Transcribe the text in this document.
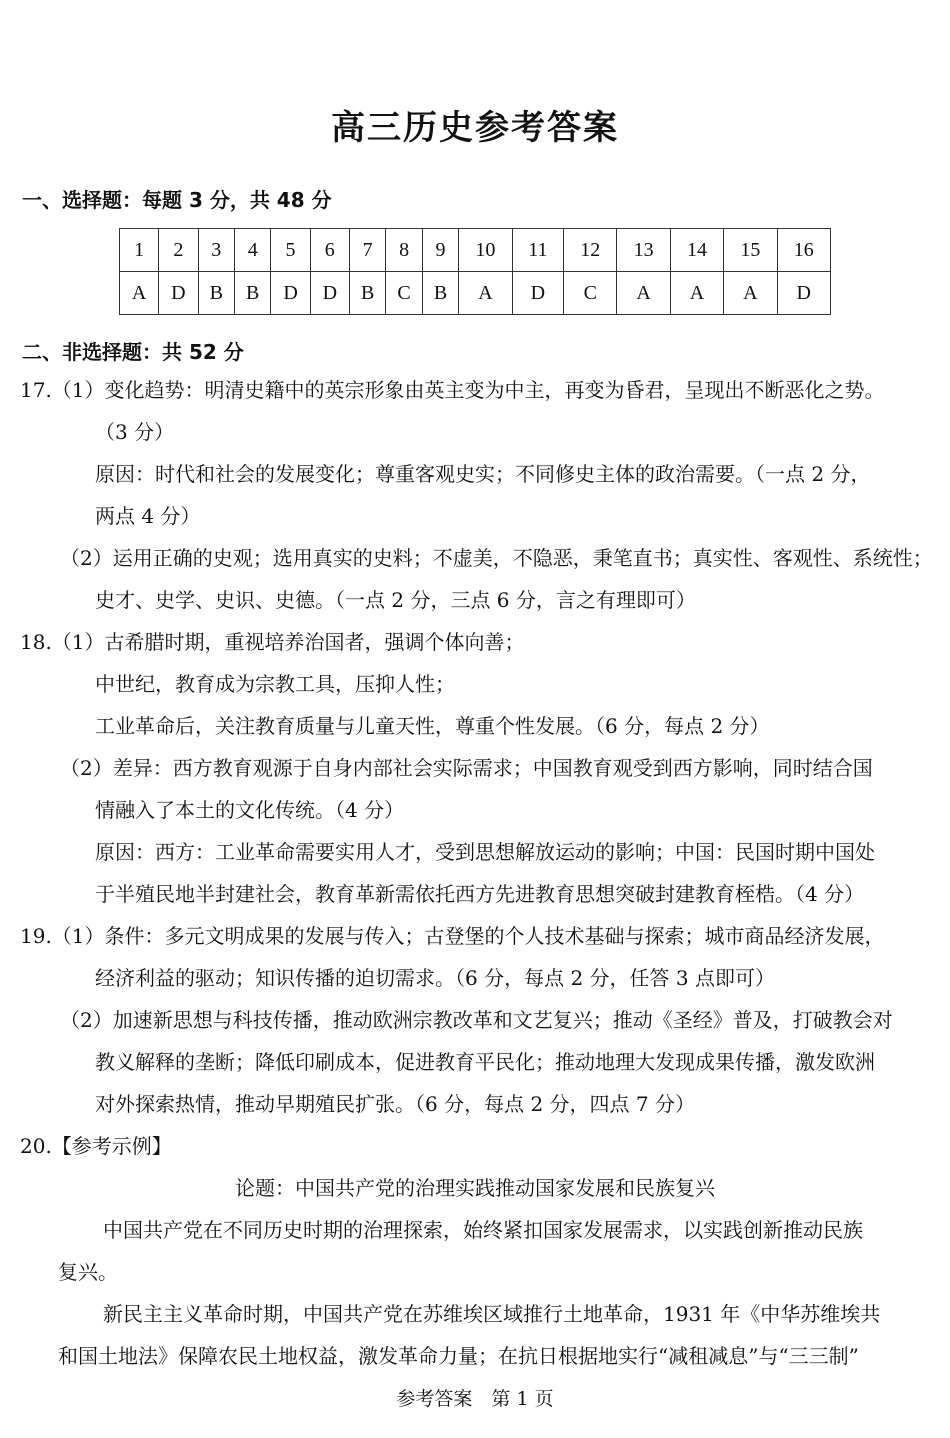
高三历史参考答案
一、选择题：每题 3 分，共 48 分
1	2	3	4	5	6	7	8	9	10	11	12	13	14	15	16
A	D	B	B	D	D	B	C	B	A	D	C	A	A	A	D
二、非选择题：共 52 分
17.（1）变化趋势：明清史籍中的英宗形象由英主变为中主，再变为昏君，呈现出不断恶化之势。
（3 分）
原因：时代和社会的发展变化；尊重客观史实；不同修史主体的政治需要。（一点 2 分，
两点 4 分）
（2）运用正确的史观；选用真实的史料；不虚美，不隐恶，秉笔直书；真实性、客观性、系统性；
史才、史学、史识、史德。（一点 2 分，三点 6 分，言之有理即可）
18.（1）古希腊时期，重视培养治国者，强调个体向善；
中世纪，教育成为宗教工具，压抑人性；
工业革命后，关注教育质量与儿童天性，尊重个性发展。（6 分，每点 2 分）
（2）差异：西方教育观源于自身内部社会实际需求；中国教育观受到西方影响，同时结合国
情融入了本土的文化传统。（4 分）
原因：西方：工业革命需要实用人才，受到思想解放运动的影响；中国：民国时期中国处
于半殖民地半封建社会，教育革新需依托西方先进教育思想突破封建教育桎梏。（4 分）
19.（1）条件：多元文明成果的发展与传入；古登堡的个人技术基础与探索；城市商品经济发展，
经济利益的驱动；知识传播的迫切需求。（6 分，每点 2 分，任答 3 点即可）
（2）加速新思想与科技传播，推动欧洲宗教改革和文艺复兴；推动《圣经》普及，打破教会对
教义解释的垄断；降低印刷成本，促进教育平民化；推动地理大发现成果传播，激发欧洲
对外探索热情，推动早期殖民扩张。（6 分，每点 2 分，四点 7 分）
20.【参考示例】
论题：中国共产党的治理实践推动国家发展和民族复兴
中国共产党在不同历史时期的治理探索，始终紧扣国家发展需求，以实践创新推动民族
复兴。
新民主主义革命时期，中国共产党在苏维埃区域推行土地革命，1931 年《中华苏维埃共
和国土地法》保障农民土地权益，激发革命力量；在抗日根据地实行“减租减息”与“三三制”
参考答案　第 1 页
